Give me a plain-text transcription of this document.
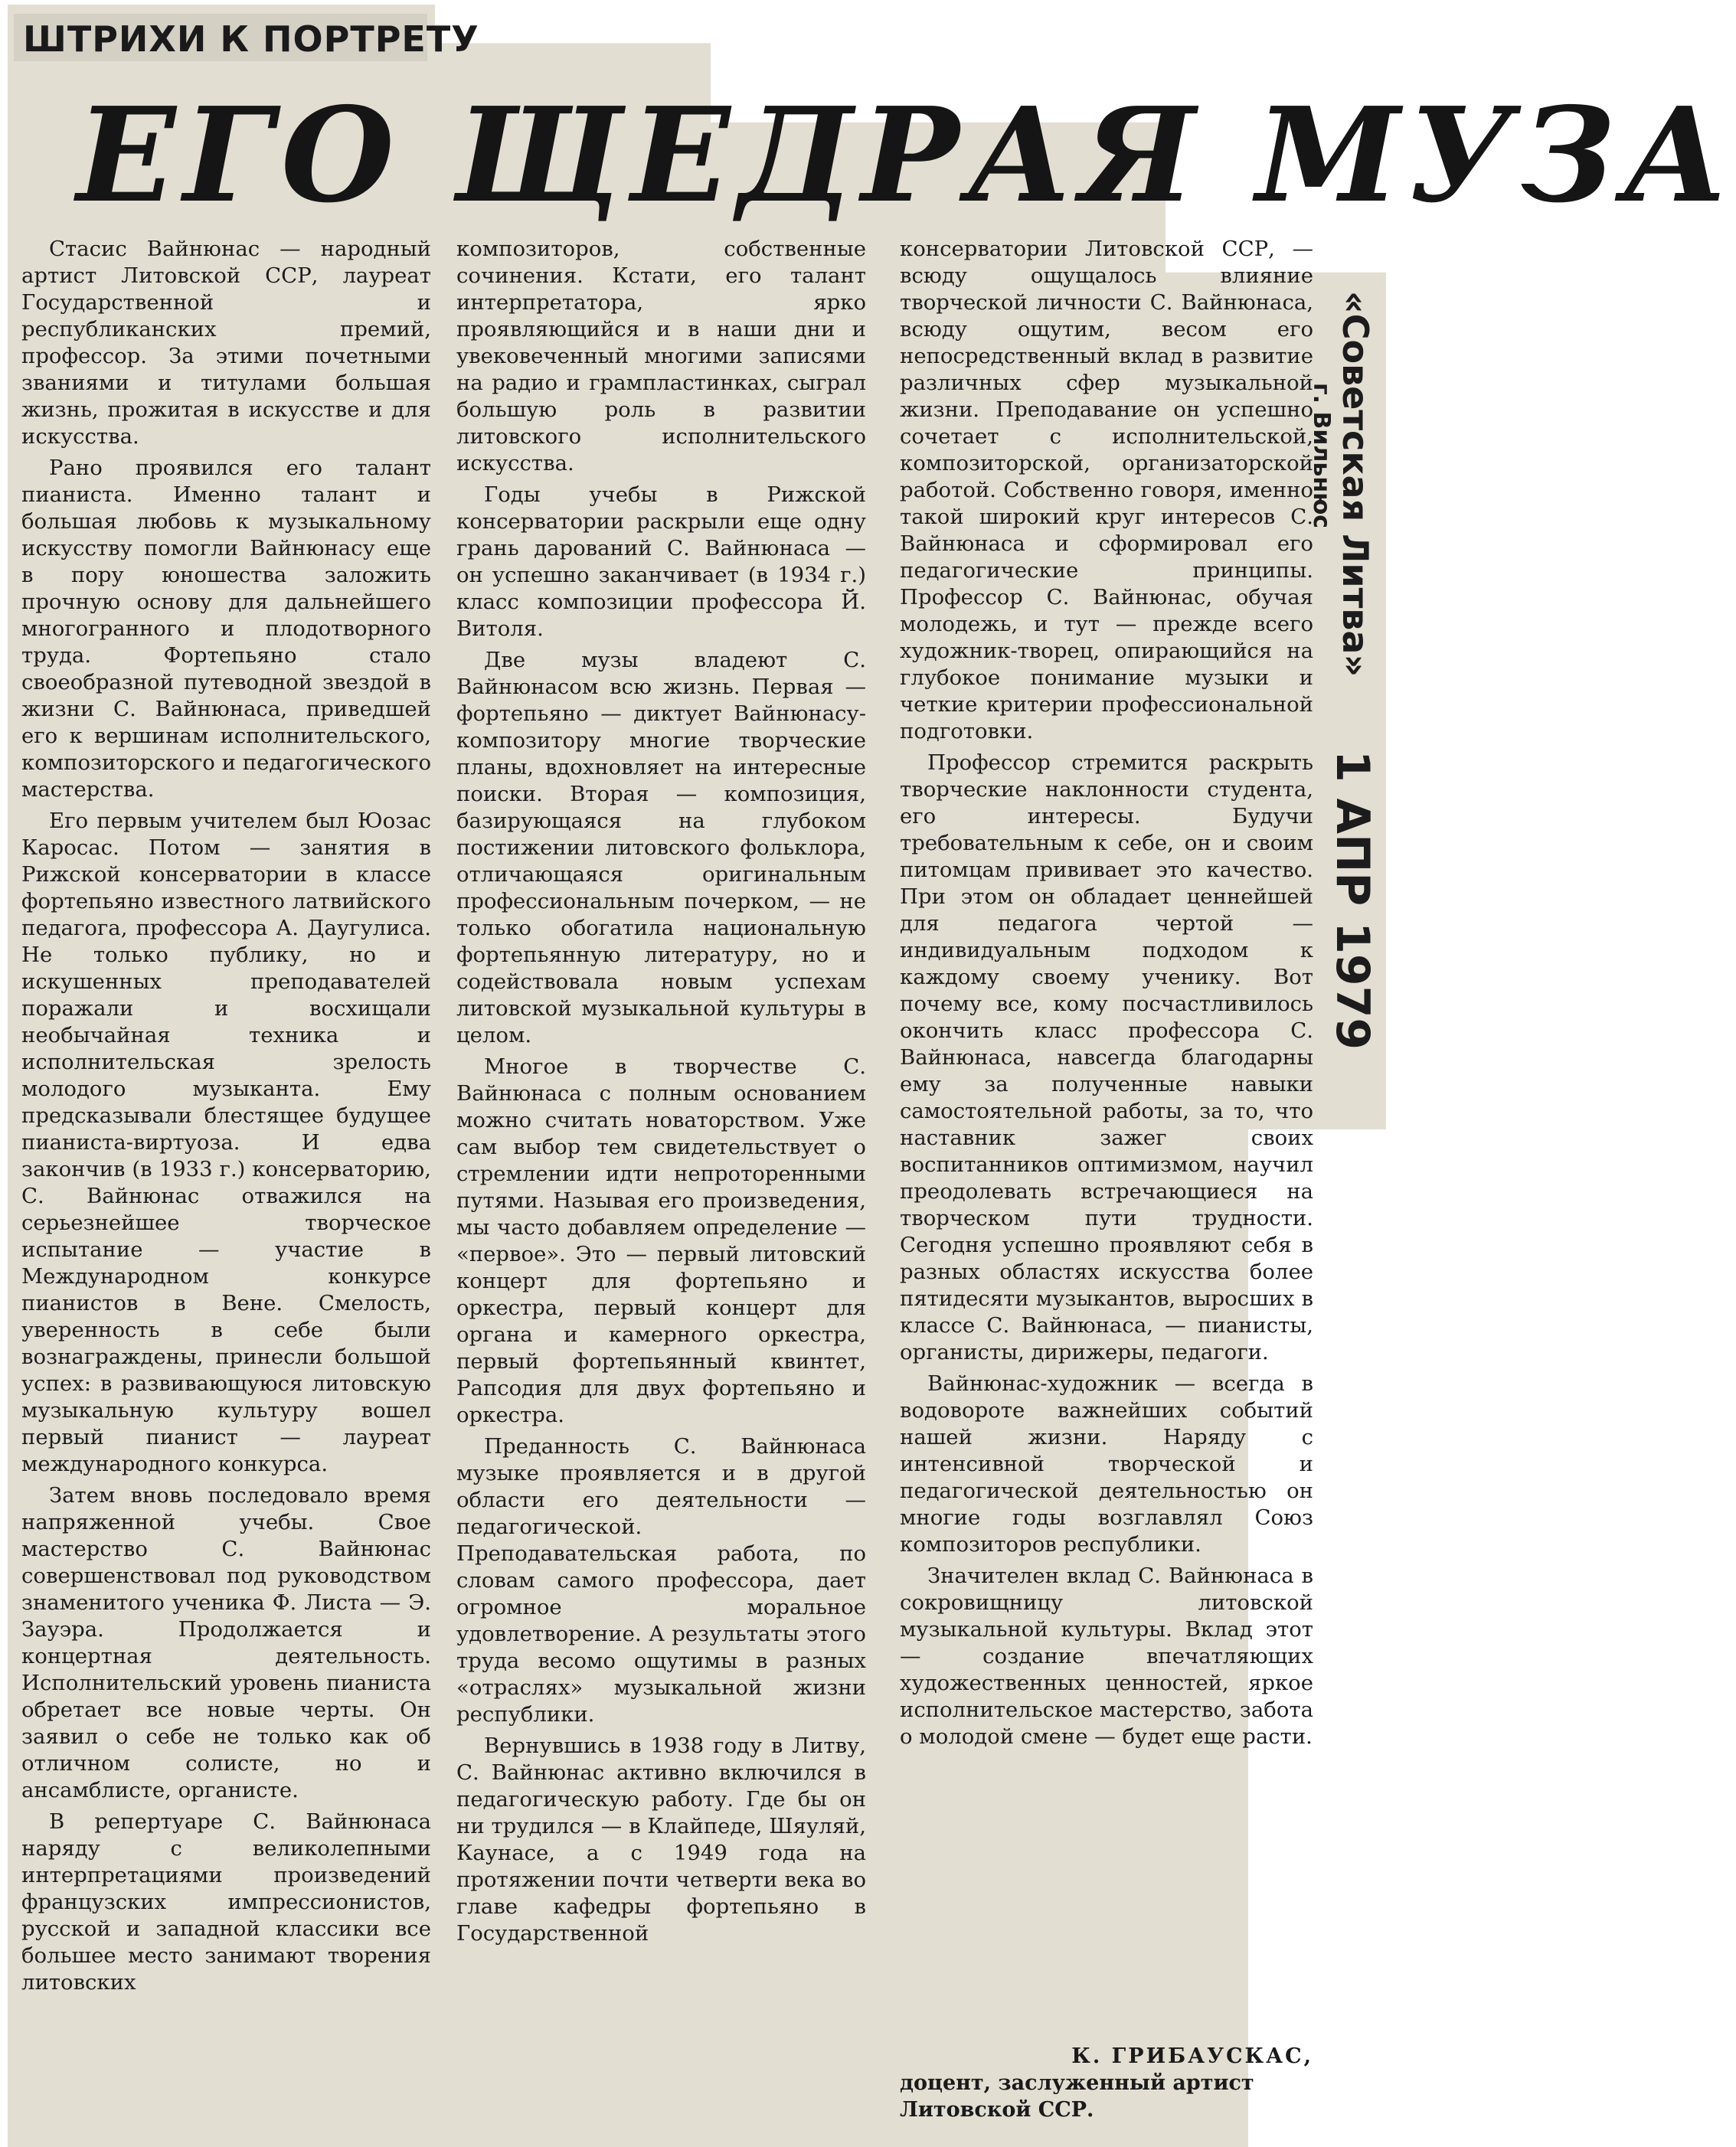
ШТРИХИ К ПОРТРЕТУ
ЕГО ЩЕДРАЯ МУЗА

Стасис Вайнюнас — народный артист Литовской ССР, лауреат Государственной и республиканских премий, профессор. За этими почетными званиями и титулами большая жизнь, прожитая в искусстве и для искусства.

Рано проявился его талант пианиста. Именно талант и большая любовь к музыкальному искусству помогли Вайнюнасу еще в пору юношества заложить прочную основу для дальнейшего многогранного и плодотворного труда. Фортепьяно стало своеобразной путеводной звездой в жизни С. Вайнюнаса, приведшей его к вершинам исполнительского, композиторского и педагогического мастерства.

Его первым учителем был Юозас Каросас. Потом — занятия в Рижской консерватории в классе фортепьяно известного латвийского педагога, профессора А. Даугулиса. Не только публику, но и искушенных преподавателей поражали и восхищали необычайная техника и исполнительская зрелость молодого музыканта. Ему предсказывали блестящее будущее пианиста-виртуоза. И едва закончив (в 1933 г.) консерваторию, С. Вайнюнас отважился на серьезнейшее творческое испытание — участие в Международном конкурсе пианистов в Вене. Смелость, уверенность в себе были вознаграждены, принесли большой успех: в развивающуюся литовскую музыкальную культуру вошел первый пианист — лауреат международного конкурса.

Затем вновь последовало время напряженной учебы. Свое мастерство С. Вайнюнас совершенствовал под руководством знаменитого ученика Ф. Листа — Э. Зауэра. Продолжается и концертная деятельность. Исполнительский уровень пианиста обретает все новые черты. Он заявил о себе не только как об отличном солисте, но и ансамблисте, органисте.

В репертуаре С. Вайнюнаса наряду с великолепными интерпретациями произведений французских импрессионистов, русской и западной классики все большее место занимают творения литовских

композиторов, собственные сочинения. Кстати, его талант интерпретатора, ярко проявляющийся и в наши дни и увековеченный многими записями на радио и грампластинках, сыграл большую роль в развитии литовского исполнительского искусства.

Годы учебы в Рижской консерватории раскрыли еще одну грань дарований С. Вайнюнаса — он успешно заканчивает (в 1934 г.) класс композиции профессора Й. Витоля.

Две музы владеют С. Вайнюнасом всю жизнь. Первая — фортепьяно — диктует Вайнюнасу-композитору многие творческие планы, вдохновляет на интересные поиски. Вторая — композиция, базирующаяся на глубоком постижении литовского фольклора, отличающаяся оригинальным профессиональным почерком, — не только обогатила национальную фортепьянную литературу, но и содействовала новым успехам литовской музыкальной культуры в целом.

Многое в творчестве С. Вайнюнаса с полным основанием можно считать новаторством. Уже сам выбор тем свидетельствует о стремлении идти непроторенными путями. Называя его произведения, мы часто добавляем определение — «первое». Это — первый литовский концерт для фортепьяно и оркестра, первый концерт для органа и камерного оркестра, первый фортепьянный квинтет, Рапсодия для двух фортепьяно и оркестра.

Преданность С. Вайнюнаса музыке проявляется и в другой области его деятельности — педагогической. Преподавательская работа, по словам самого профессора, дает огромное моральное удовлетворение. А результаты этого труда весомо ощутимы в разных «отраслях» музыкальной жизни республики.

Вернувшись в 1938 году в Литву, С. Вайнюнас активно включился в педагогическую работу. Где бы он ни трудился — в Клайпеде, Шяуляй, Каунасе, а с 1949 года на протяжении почти четверти века во главе кафедры фортепьяно в Государственной

консерватории Литовской ССР, — всюду ощущалось влияние творческой личности С. Вайнюнаса, всюду ощутим, весом его непосредственный вклад в развитие различных сфер музыкальной жизни. Преподавание он успешно сочетает с исполнительской, композиторской, организаторской работой. Собственно говоря, именно такой широкий круг интересов С. Вайнюнаса и сформировал его педагогические принципы. Профессор С. Вайнюнас, обучая молодежь, и тут — прежде всего художник-творец, опирающийся на глубокое понимание музыки и четкие критерии профессиональной подготовки.

Профессор стремится раскрыть творческие наклонности студента, его интересы. Будучи требовательным к себе, он и своим питомцам прививает это качество. При этом он обладает ценнейшей для педагога чертой — индивидуальным подходом к каждому своему ученику. Вот почему все, кому посчастливилось окончить класс профессора С. Вайнюнаса, навсегда благодарны ему за полученные навыки самостоятельной работы, за то, что наставник зажег своих воспитанников оптимизмом, научил преодолевать встречающиеся на творческом пути трудности. Сегодня успешно проявляют себя в разных областях искусства более пятидесяти музыкантов, выросших в классе С. Вайнюнаса, — пианисты, органисты, дирижеры, педагоги.

Вайнюнас-художник — всегда в водовороте важнейших событий нашей жизни. Наряду с интенсивной творческой и педагогической деятельностью он многие годы возглавлял Союз композиторов республики.

Значителен вклад С. Вайнюнаса в сокровищницу литовской музыкальной культуры. Вклад этот — создание впечатляющих художественных ценностей, яркое исполнительское мастерство, забота о молодой смене — будет еще расти.

К. ГРИБАУСКАС,
доцент, заслуженный артист Литовской ССР.
«Советская Литва»
г. Вильнюс
1 АПР 1979
